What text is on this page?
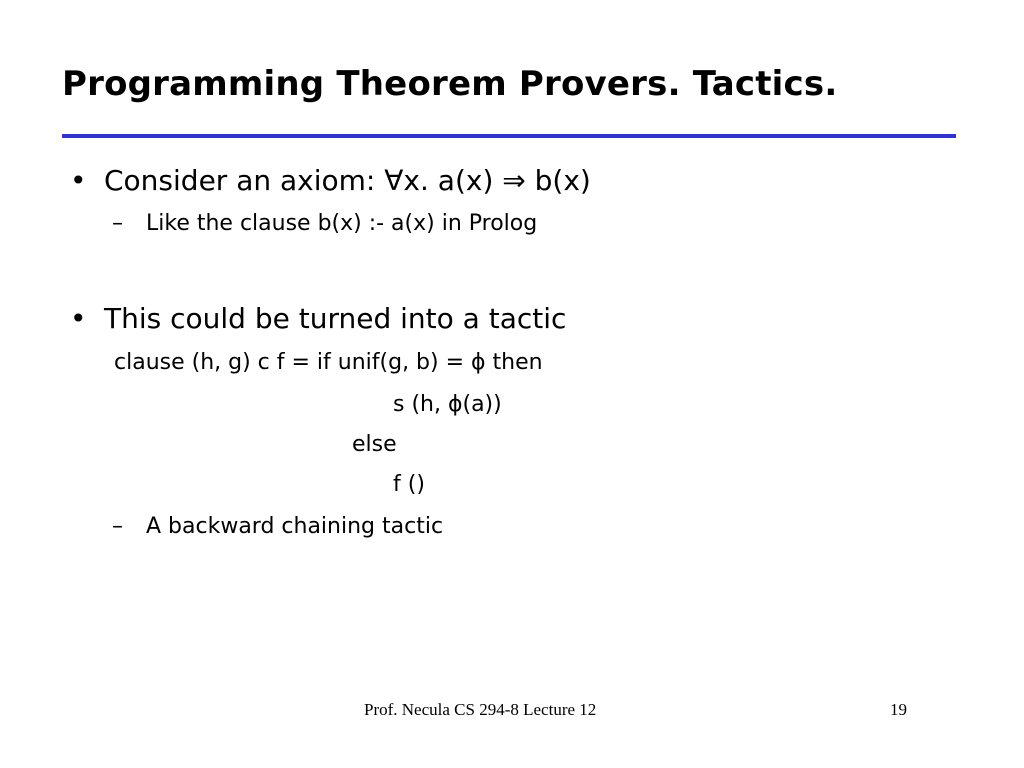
Programming Theorem Provers. Tactics.
• Consider an axiom: ∀x. a(x) ⇒ b(x)
– Like the clause b(x) :- a(x) in Prolog
• This could be turned into a tactic
clause (h, g) c f = if unif(g, b) = ϕ then
s (h, ϕ(a))
else
f ()
– A backward chaining tactic
Prof. Necula CS 294-8 Lecture 12	19
